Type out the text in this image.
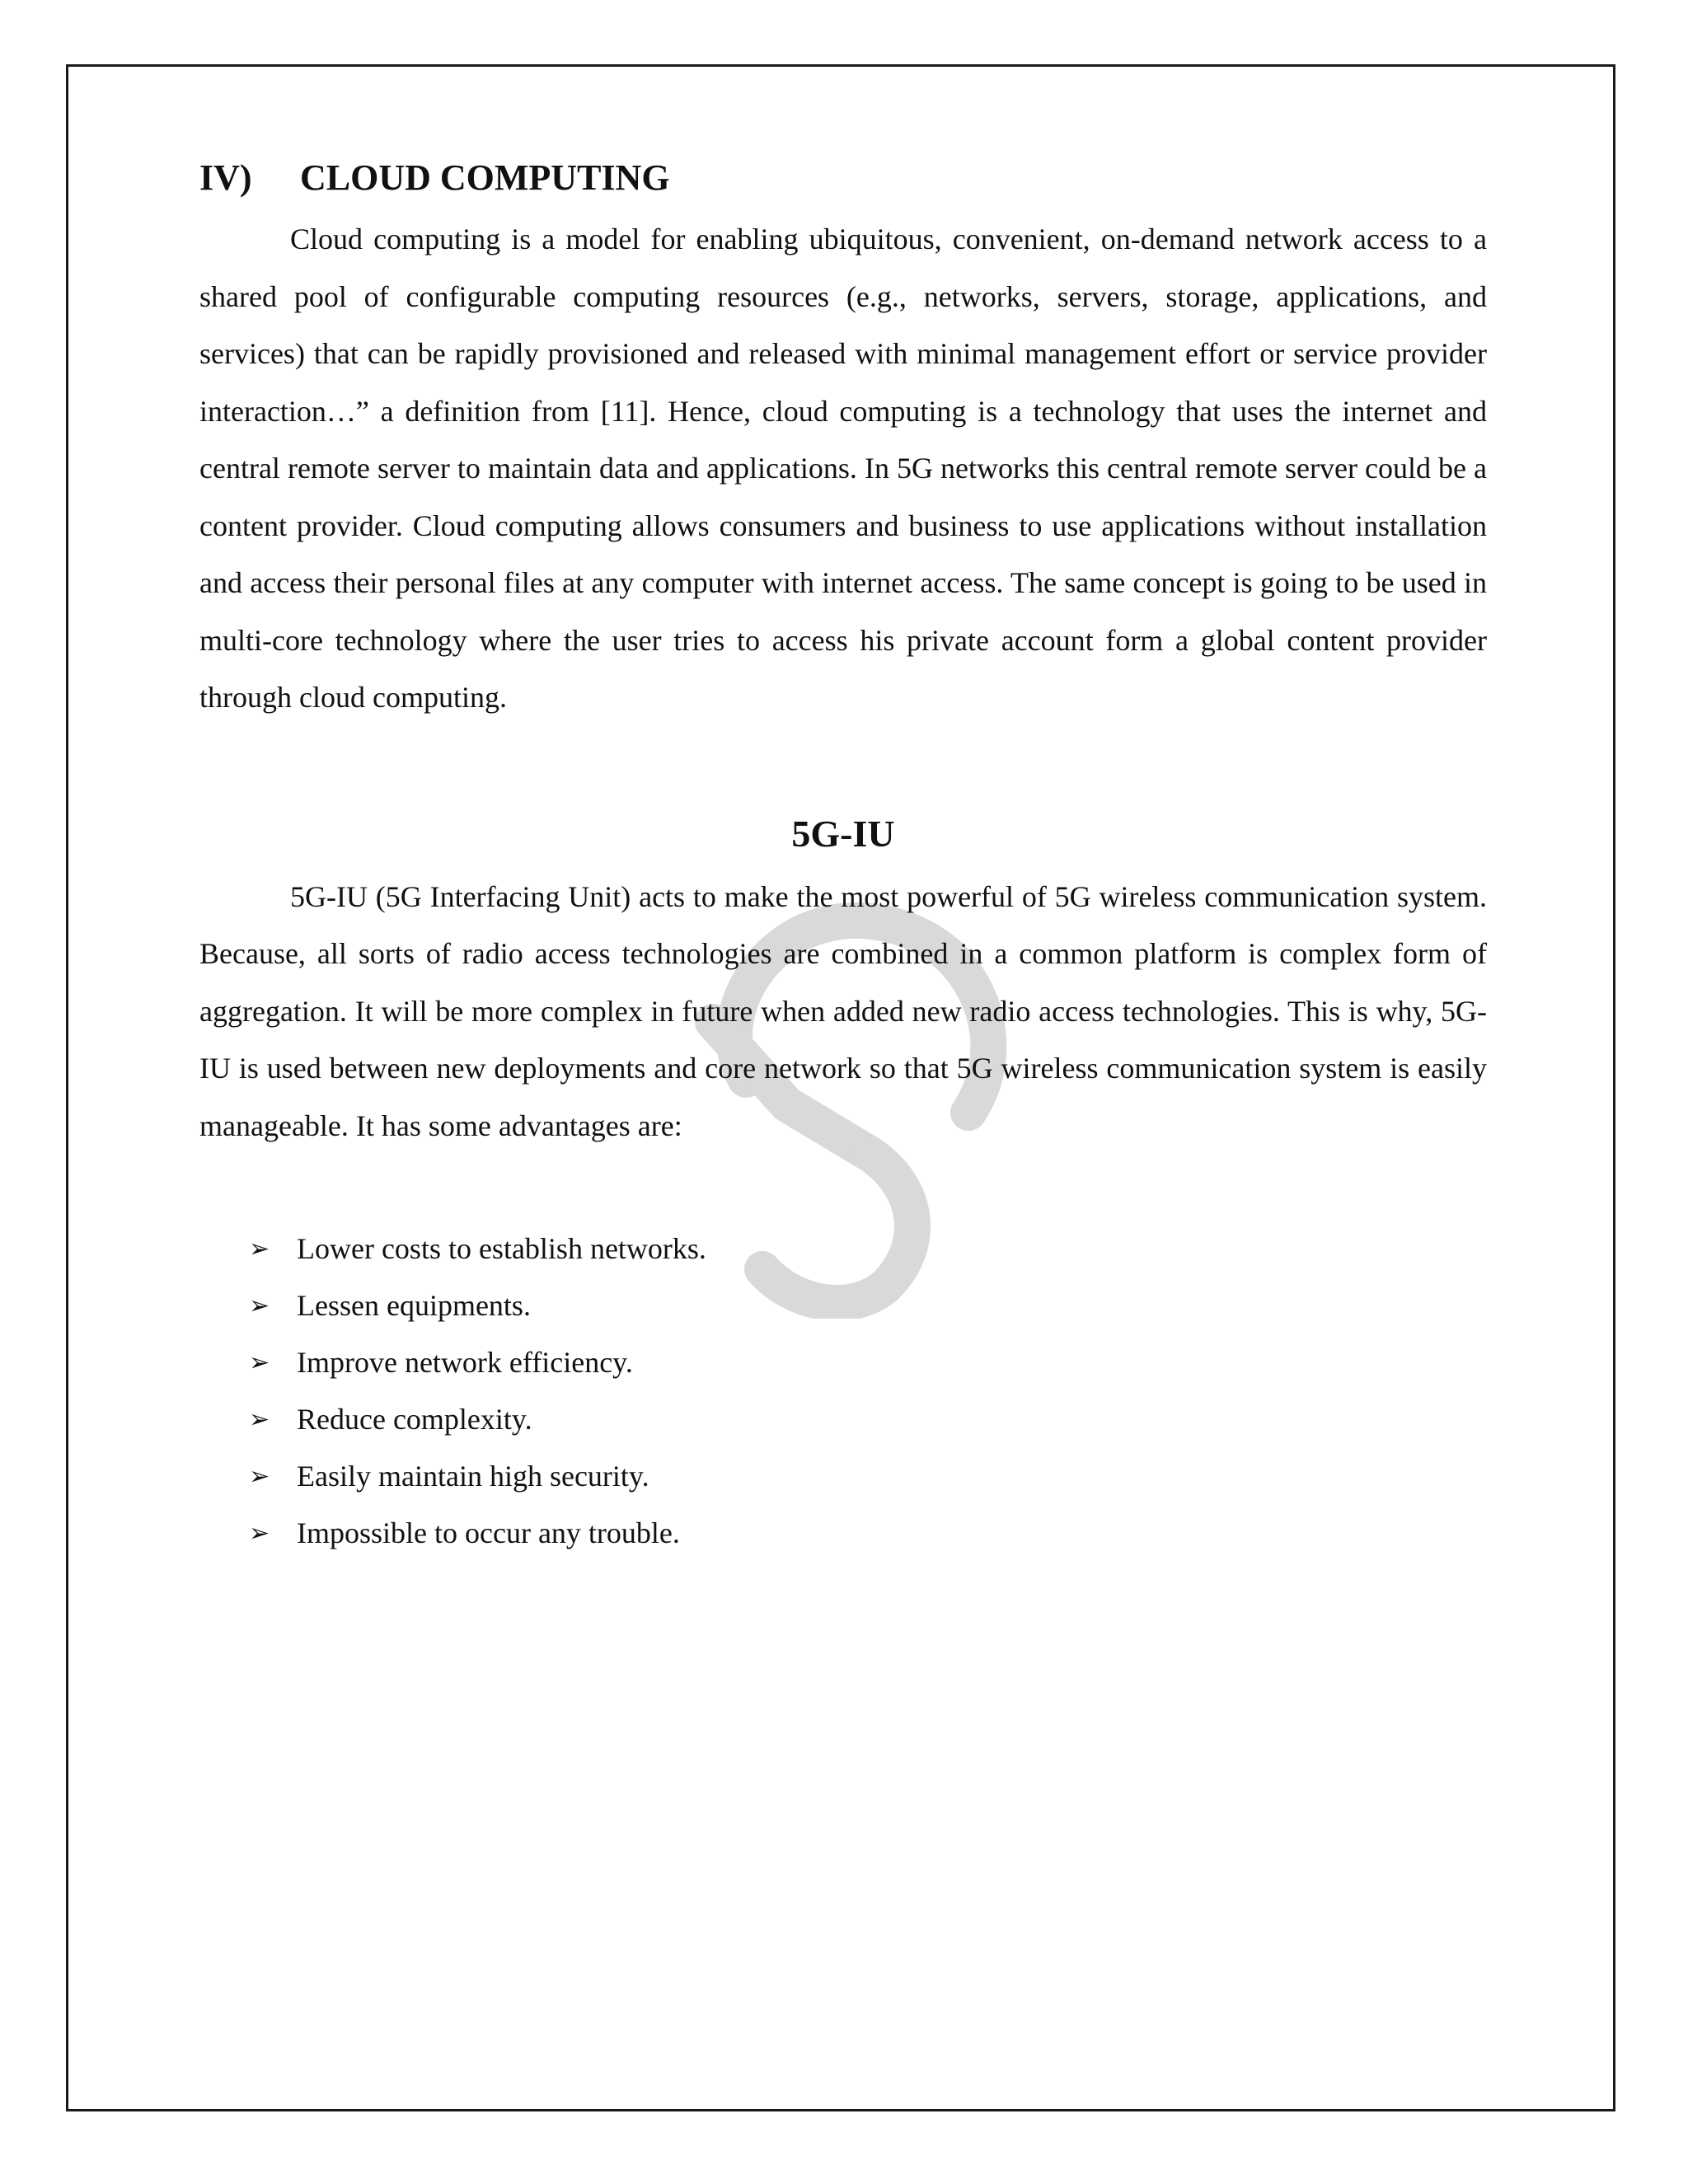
IV)	CLOUD COMPUTING

Cloud computing is a model for enabling ubiquitous, convenient, on-demand network access to a shared pool of configurable computing resources (e.g., networks, servers, storage, applications, and services) that can be rapidly provisioned and released with minimal management effort or service provider interaction…” a definition from [11]. Hence, cloud computing is a technology that uses the internet and central remote server to maintain data and applications. In 5G networks this central remote server could be a content provider. Cloud computing allows consumers and business to use applications without installation and access their personal files at any computer with internet access. The same concept is going to be used in multi-core technology where the user tries to access his private account form a global content provider through cloud computing.

5G-IU

5G-IU (5G Interfacing Unit) acts to make the most powerful of 5G wireless communication system. Because, all sorts of radio access technologies are combined in a common platform is complex form of aggregation. It will be more complex in future when added new radio access technologies. This is why, 5G-IU is used between new deployments and core network so that 5G wireless communication system is easily manageable. It has some advantages are:

➢ Lower costs to establish networks.
➢ Lessen equipments.
➢ Improve network efficiency.
➢ Reduce complexity.
➢ Easily maintain high security.
➢ Impossible to occur any trouble.
